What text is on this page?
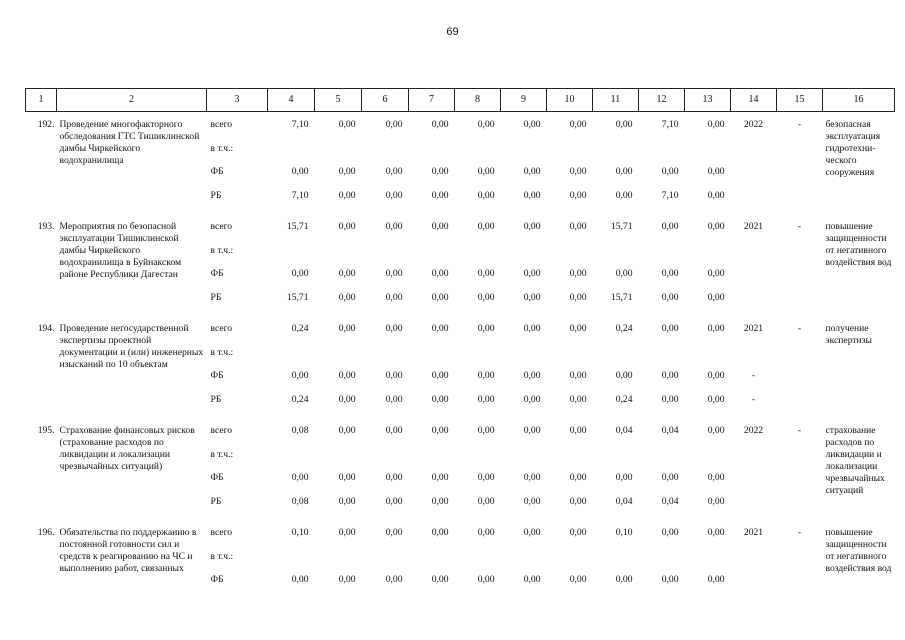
69
1	2	3	4	5	6	7	8	9	10	11	12	13	14	15	16
192.	Проведение многофакторного обследования ГТС Тишиклинской дамбы Чиркейского водохранилища	всего	7,10	0,00	0,00	0,00	0,00	0,00	0,00	0,00	7,10	0,00	2022	-	безопасная эксплуатация гидротехни-ческого сооружения
		в т.ч.:													
		ФБ	0,00	0,00	0,00	0,00	0,00	0,00	0,00	0,00	0,00	0,00			
		РБ	7,10	0,00	0,00	0,00	0,00	0,00	0,00	0,00	7,10	0,00			
193.	Мероприятия по безопасной эксплуатации Тишиклинской дамбы Чиркейского водохранилища в Буйнакском районе Республики Дагестан	всего	15,71	0,00	0,00	0,00	0,00	0,00	0,00	15,71	0,00	0,00	2021	-	повышение защищенности от негативного воздействия вод
		в т.ч.:													
		ФБ	0,00	0,00	0,00	0,00	0,00	0,00	0,00	0,00	0,00	0,00			
		РБ	15,71	0,00	0,00	0,00	0,00	0,00	0,00	15,71	0,00	0,00			
194.	Проведение негосударственной экспертизы проектной документации и (или) инженерных изысканий по 10 объектам	всего	0,24	0,00	0,00	0,00	0,00	0,00	0,00	0,24	0,00	0,00	2021	-	получение экспертизы
		в т.ч.:													
		ФБ	0,00	0,00	0,00	0,00	0,00	0,00	0,00	0,00	0,00	0,00	-		
		РБ	0,24	0,00	0,00	0,00	0,00	0,00	0,00	0,24	0,00	0,00	-		
195.	Страхование финансовых рисков (страхование расходов по ликвидации и локализации чрезвычайных ситуаций)	всего	0,08	0,00	0,00	0,00	0,00	0,00	0,00	0,04	0,04	0,00	2022	-	страхование расходов по ликвидации и локализации чрезвычайных ситуаций
		в т.ч.:													
		ФБ	0,00	0,00	0,00	0,00	0,00	0,00	0,00	0,00	0,00	0,00			
		РБ	0,08	0,00	0,00	0,00	0,00	0,00	0,00	0,04	0,04	0,00			
196.	Обязательства по поддержанию в постоянной готовности сил и средств к реагированию на ЧС и выполнению работ, связанных	всего	0,10	0,00	0,00	0,00	0,00	0,00	0,00	0,10	0,00	0,00	2021	-	повышение защищенности от негативного воздействия вод
		в т.ч.:													
		ФБ	0,00	0,00	0,00	0,00	0,00	0,00	0,00	0,00	0,00	0,00			
